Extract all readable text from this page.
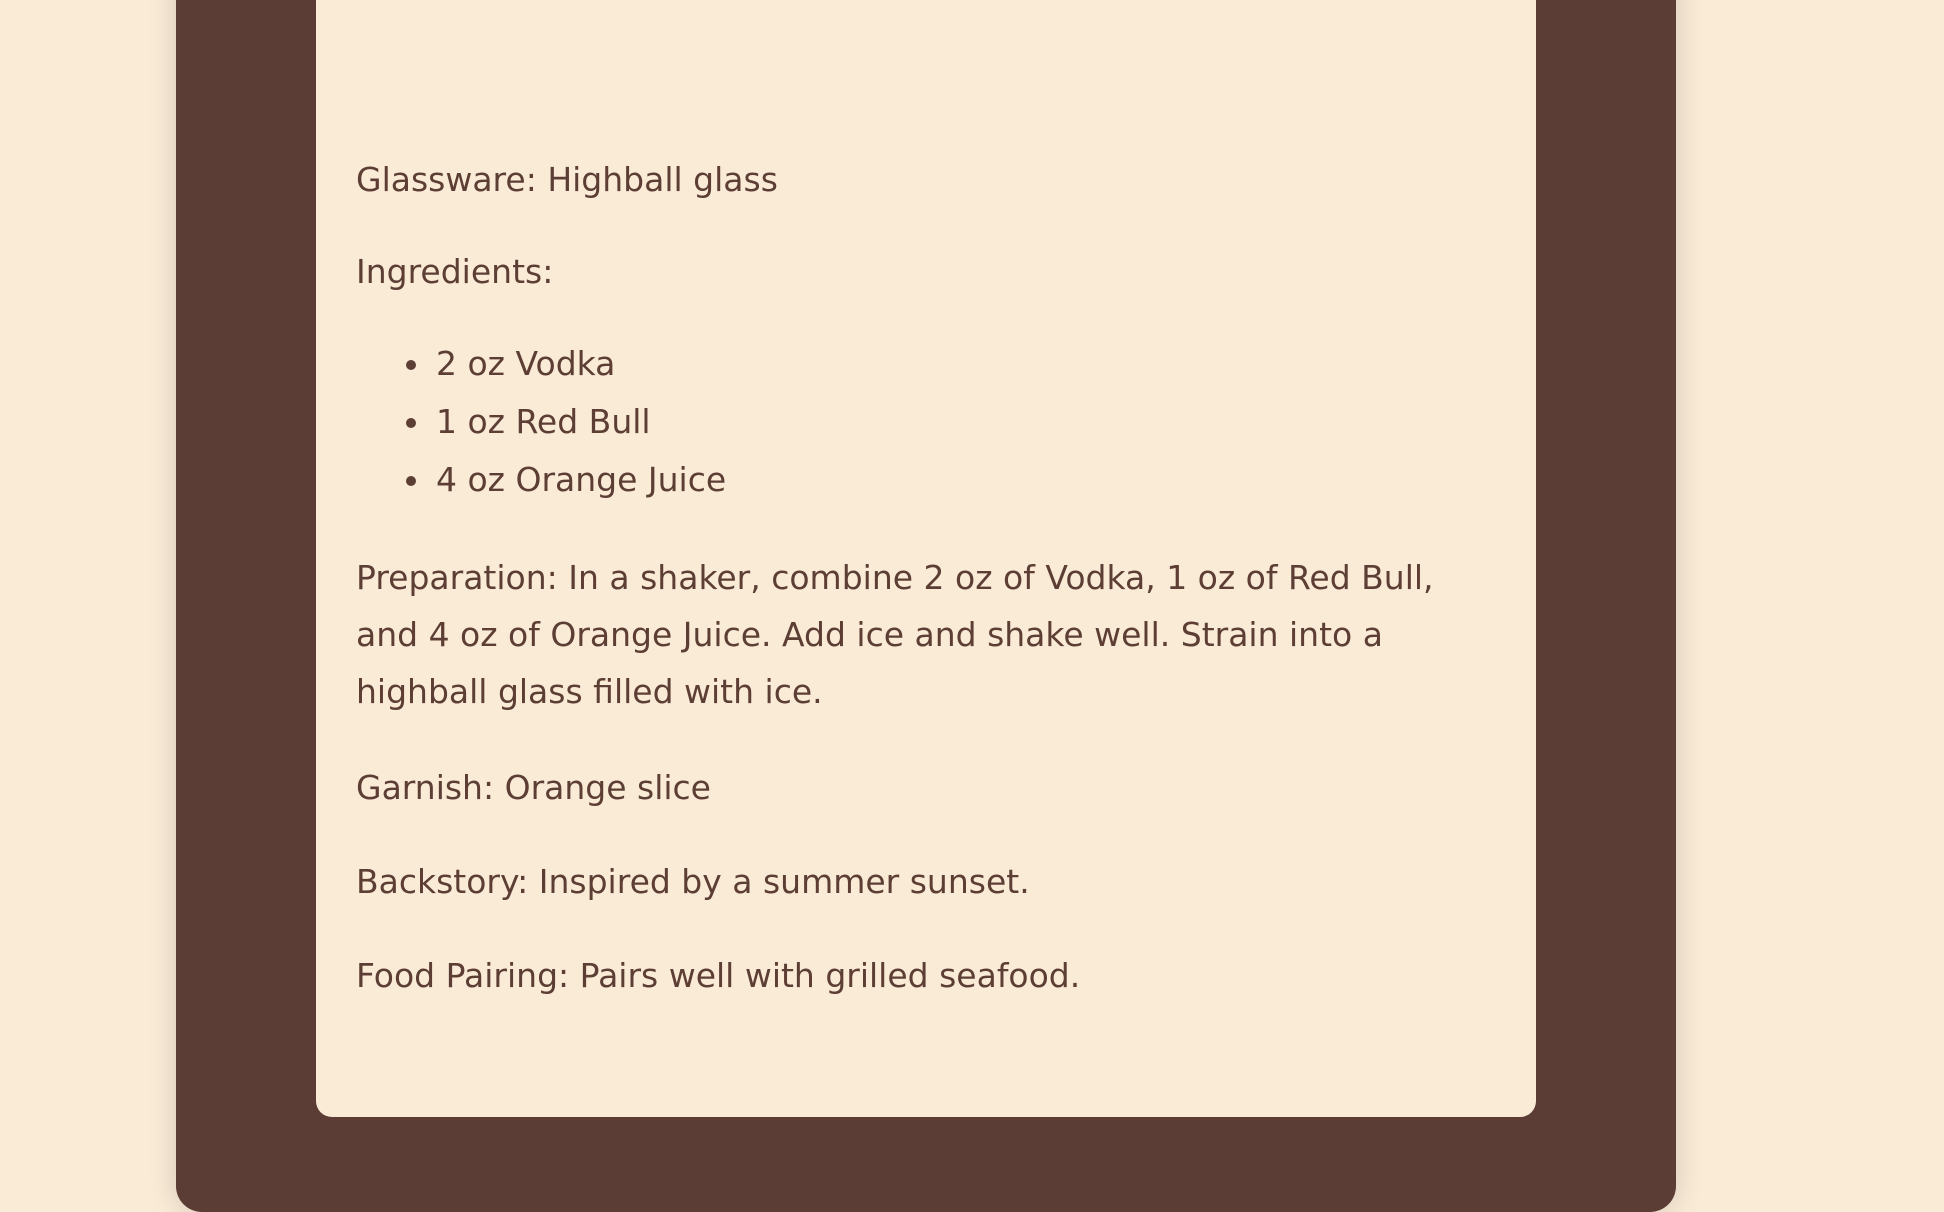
Glassware: Highball glass

Ingredients:

2 oz Vodka
1 oz Red Bull
4 oz Orange Juice

Preparation: In a shaker, combine 2 oz of Vodka, 1 oz of Red Bull, and 4 oz of Orange Juice. Add ice and shake well. Strain into a highball glass filled with ice.

Garnish: Orange slice

Backstory: Inspired by a summer sunset.

Food Pairing: Pairs well with grilled seafood.
